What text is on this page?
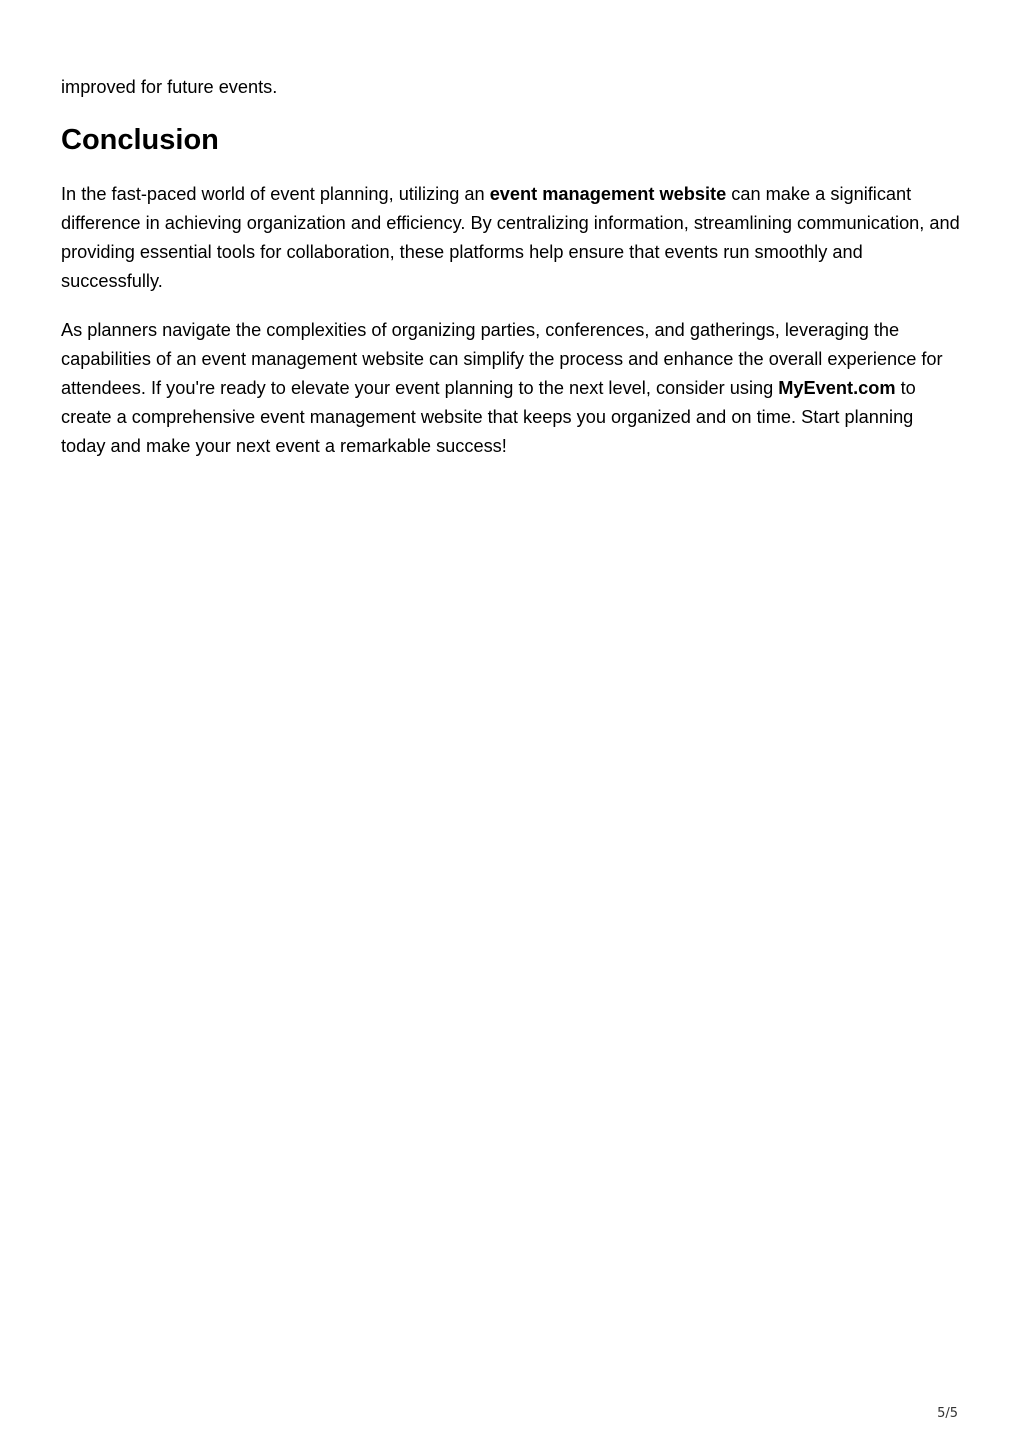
improved for future events.

Conclusion

In the fast-paced world of event planning, utilizing an event management website can make a significant difference in achieving organization and efficiency. By centralizing information, streamlining communication, and providing essential tools for collaboration, these platforms help ensure that events run smoothly and successfully.

As planners navigate the complexities of organizing parties, conferences, and gatherings, leveraging the capabilities of an event management website can simplify the process and enhance the overall experience for attendees. If you're ready to elevate your event planning to the next level, consider using MyEvent.com to create a comprehensive event management website that keeps you organized and on time. Start planning today and make your next event a remarkable success!

5/5
